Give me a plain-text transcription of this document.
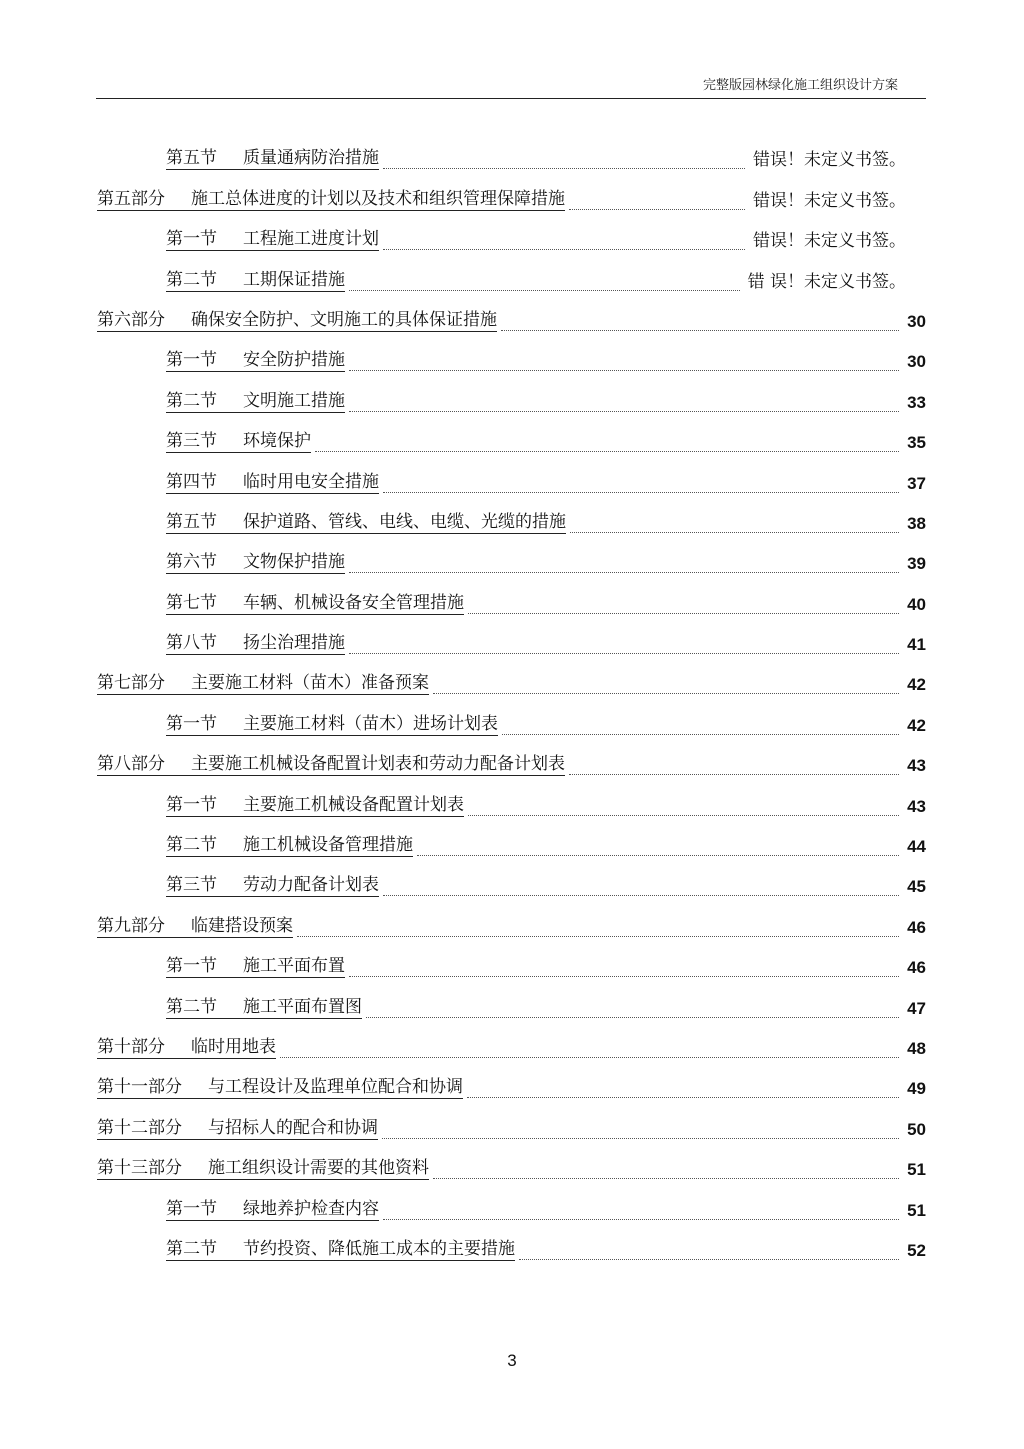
完整版园林绿化施工组织设计方案
第五节 质量通病防治措施	错误！未定义书签。
第五部分 施工总体进度的计划以及技术和组织管理保障措施	错误！未定义书签。
第一节 工程施工进度计划	错误！未定义书签。
第二节 工期保证措施	错 误！未定义书签。
第六部分 确保安全防护、文明施工的具体保证措施	30
第一节 安全防护措施	30
第二节 文明施工措施	33
第三节 环境保护	35
第四节 临时用电安全措施	37
第五节 保护道路、管线、电线、电缆、光缆的措施	38
第六节 文物保护措施	39
第七节 车辆、机械设备安全管理措施	40
第八节 扬尘治理措施	41
第七部分 主要施工材料（苗木）准备预案	42
第一节 主要施工材料（苗木）进场计划表	42
第八部分 主要施工机械设备配置计划表和劳动力配备计划表	43
第一节 主要施工机械设备配置计划表	43
第二节 施工机械设备管理措施	44
第三节 劳动力配备计划表	45
第九部分 临建搭设预案	46
第一节 施工平面布置	46
第二节 施工平面布置图	47
第十部分 临时用地表	48
第十一部分 与工程设计及监理单位配合和协调	49
第十二部分 与招标人的配合和协调	50
第十三部分 施工组织设计需要的其他资料	51
第一节 绿地养护检查内容	51
第二节 节约投资、降低施工成本的主要措施	52
3
